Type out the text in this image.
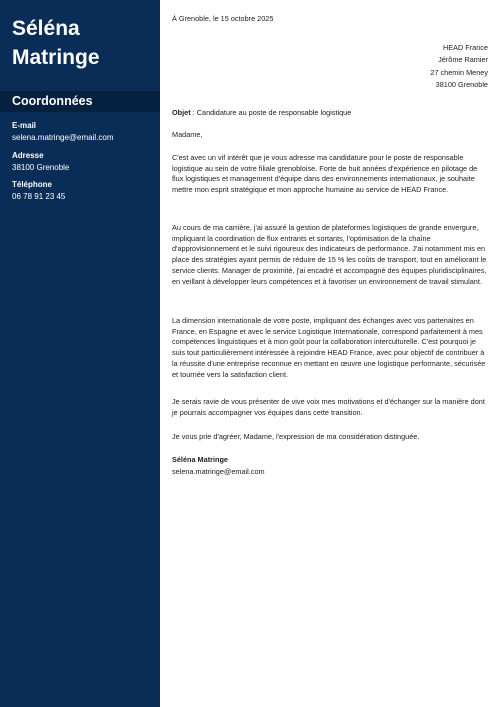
Séléna
Matringe
Coordonnées
E-mail
selena.matringe@email.com
Adresse
38100 Grenoble
Téléphone
06 78 91 23 45
À Grenoble, le 15 octobre 2025
HEAD France
Jérôme Ramier
27 chemin Meney
38100 Grenoble
Objet : Candidature au poste de responsable logistique
Madame,
C'est avec un vif intérêt que je vous adresse ma candidature pour le poste de responsable logistique au sein de votre filiale grenobloise. Forte de huit années d'expérience en pilotage de flux logistiques et management d'équipe dans des environnements internationaux, je souhaite mettre mon esprit stratégique et mon approche humaine au service de HEAD France.
Au cours de ma carrière, j'ai assuré la gestion de plateformes logistiques de grande envergure, impliquant la coordination de flux entrants et sortants, l'optimisation de la chaîne d'approvisionnement et le suivi rigoureux des indicateurs de performance. J'ai notamment mis en place des stratégies ayant permis de réduire de 15 % les coûts de transport, tout en améliorant le service clients. Manager de proximité, j'ai encadré et accompagné des équipes pluridisciplinaires, en veillant à développer leurs compétences et à favoriser un environnement de travail stimulant.
La dimension internationale de votre poste, impliquant des échanges avec vos partenaires en France, en Espagne et avec le service Logistique Internationale, correspond parfaitement à mes compétences linguistiques et à mon goût pour la collaboration interculturelle. C'est pourquoi je suis tout particulièrement intéressée à rejoindre HEAD France, avec pour objectif de contribuer à la réussite d'une entreprise reconnue en mettant en œuvre une logistique performante, sécurisée et tournée vers la satisfaction client.
Je serais ravie de vous présenter de vive voix mes motivations et d'échanger sur la manière dont je pourrais accompagner vos équipes dans cette transition.
Je vous prie d'agréer, Madame, l'expression de ma considération distinguée.
Séléna Matringe
selena.matringe@email.com
